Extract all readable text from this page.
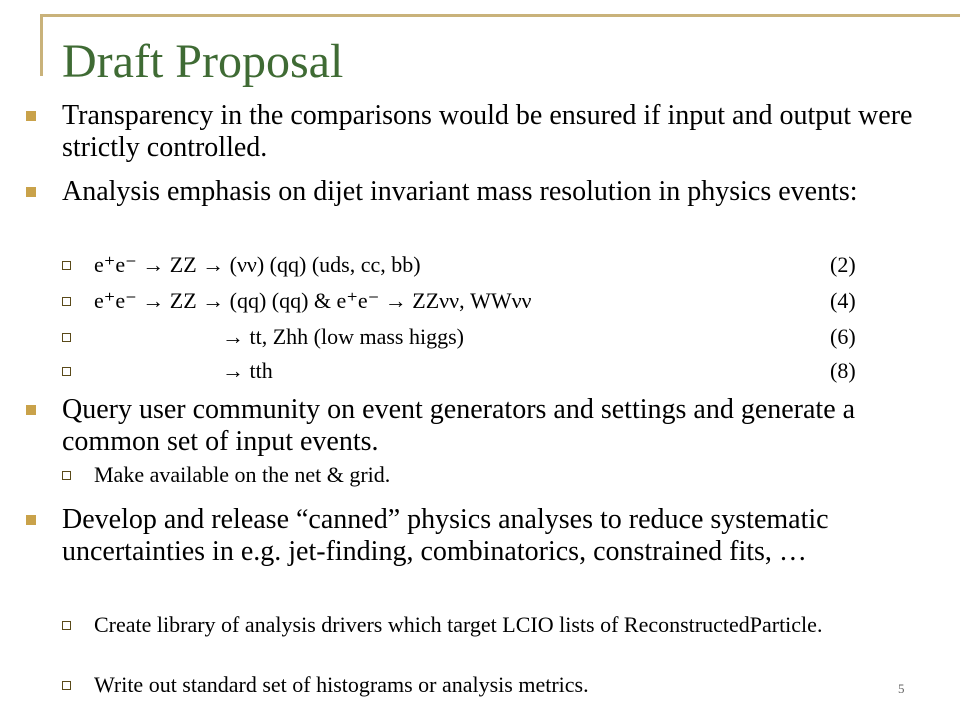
Draft Proposal
Transparency in the comparisons would be ensured if input and output were strictly controlled.
Analysis emphasis on dijet invariant mass resolution in physics events:
e⁺e⁻ → ZZ → (νν) (qq) (uds, cc, bb)	(2)
e⁺e⁻ → ZZ → (qq) (qq) & e⁺e⁻ → ZZνν, WWνν	(4)
→ tt, Zhh (low mass higgs)	(6)
→ tth	(8)
Query user community on event generators and settings and generate a common set of input events.
Make available on the net & grid.
Develop and release “canned” physics analyses to reduce systematic uncertainties in e.g. jet-finding, combinatorics, constrained fits, …
Create library of analysis drivers which target LCIO lists of ReconstructedParticle.
Write out standard set of histograms or analysis metrics.	5
